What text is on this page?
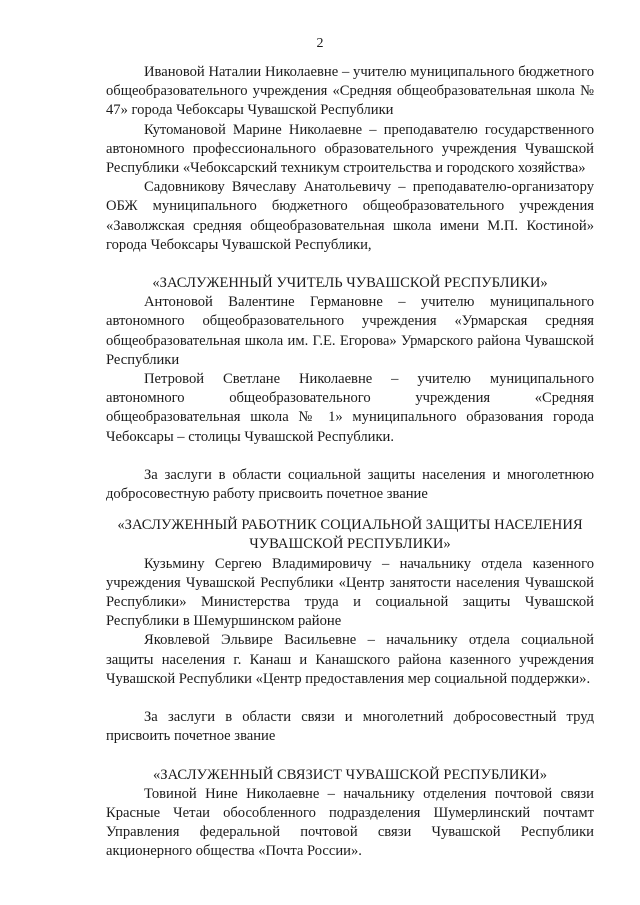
2

Ивановой Наталии Николаевне – учителю муниципального бюджетного общеобразовательного учреждения «Средняя общеобразовательная школа № 47» города Чебоксары Чувашской Республики

Кутомановой Марине Николаевне – преподавателю государственного автономного профессионального образовательного учреждения Чувашской Республики «Чебоксарский техникум строительства и городского хозяйства»

Садовникову Вячеславу Анатольевичу – преподавателю-организатору ОБЖ муниципального бюджетного общеобразовательного учреждения «Заволжская средняя общеобразовательная школа имени М.П. Костиной» города Чебоксары Чувашской Республики,

«ЗАСЛУЖЕННЫЙ УЧИТЕЛЬ ЧУВАШСКОЙ РЕСПУБЛИКИ»

Антоновой Валентине Германовне – учителю муниципального автономного общеобразовательного учреждения «Урмарская средняя общеобразовательная школа им. Г.Е. Егорова» Урмарского района Чувашской Республики

Петровой Светлане Николаевне – учителю муниципального автономного общеобразовательного учреждения «Средняя общеобразовательная школа № 1» муниципального образования города Чебоксары – столицы Чувашской Республики.

За заслуги в области социальной защиты населения и многолетнюю добросовестную работу присвоить почетное звание

«ЗАСЛУЖЕННЫЙ РАБОТНИК СОЦИАЛЬНОЙ ЗАЩИТЫ НАСЕЛЕНИЯ

ЧУВАШСКОЙ РЕСПУБЛИКИ»

Кузьмину Сергею Владимировичу – начальнику отдела казенного учреждения Чувашской Республики «Центр занятости населения Чувашской Республики» Министерства труда и социальной защиты Чувашской Республики в Шемуршинском районе

Яковлевой Эльвире Васильевне – начальнику отдела социальной защиты населения г. Канаш и Канашского района казенного учреждения Чувашской Республики «Центр предоставления мер социальной поддержки».

За заслуги в области связи и многолетний добросовестный труд присвоить почетное звание

«ЗАСЛУЖЕННЫЙ СВЯЗИСТ ЧУВАШСКОЙ РЕСПУБЛИКИ»

Товиной Нине Николаевне – начальнику отделения почтовой связи Красные Четаи обособленного подразделения Шумерлинский почтамт Управления федеральной почтовой связи Чувашской Республики акционерного общества «Почта России».
